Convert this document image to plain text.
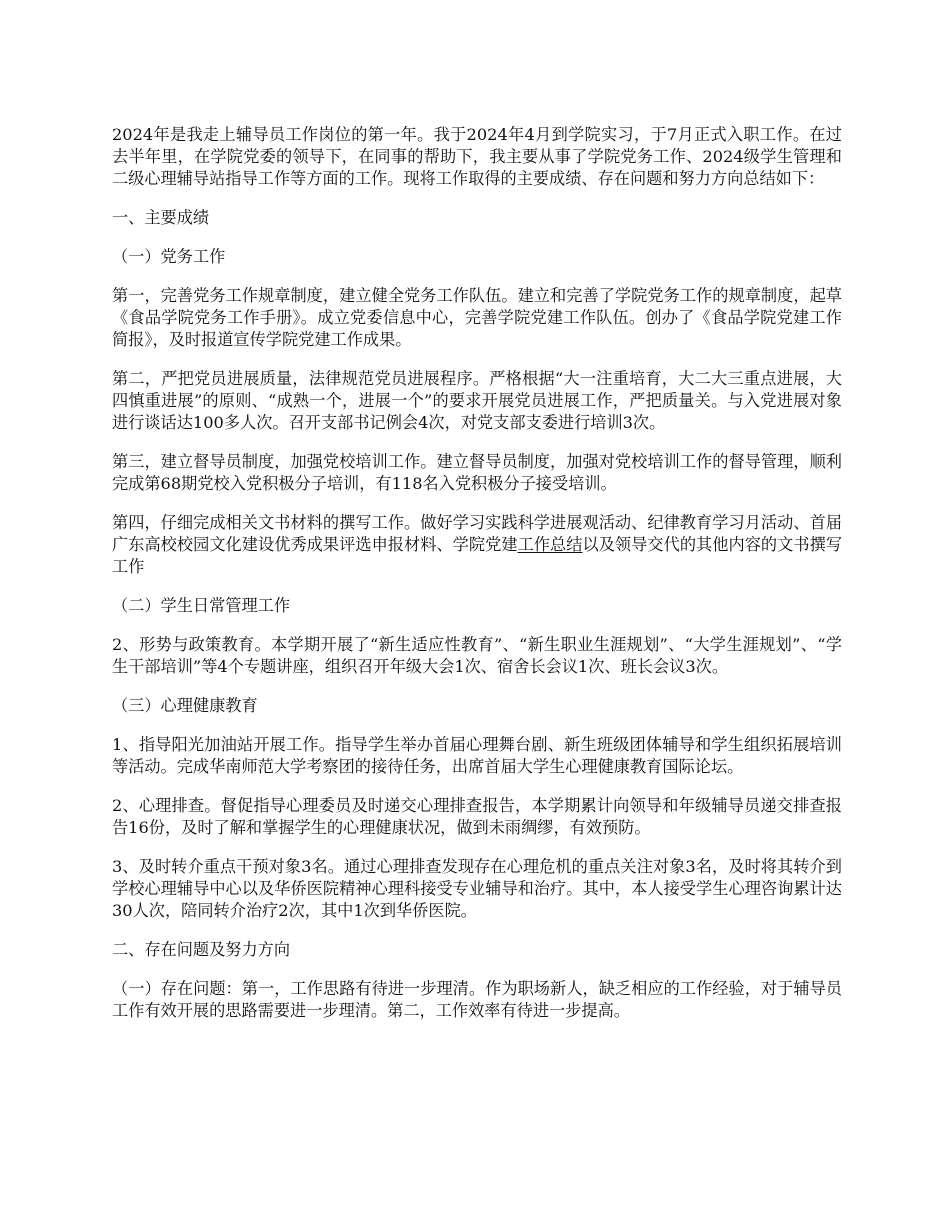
2024年是我走上辅导员工作岗位的第一年。我于2024年4月到学院实习，于7月正式入职工作。在过去半年里，在学院党委的领导下，在同事的帮助下，我主要从事了学院党务工作、2024级学生管理和二级心理辅导站指导工作等方面的工作。现将工作取得的主要成绩、存在问题和努力方向总结如下：

一、主要成绩

（一）党务工作

第一，完善党务工作规章制度，建立健全党务工作队伍。建立和完善了学院党务工作的规章制度，起草《食品学院党务工作手册》。成立党委信息中心，完善学院党建工作队伍。创办了《食品学院党建工作简报》，及时报道宣传学院党建工作成果。

第二，严把党员进展质量，法律规范党员进展程序。严格根据“大一注重培育，大二大三重点进展，大四慎重进展”的原则、“成熟一个，进展一个”的要求开展党员进展工作，严把质量关。与入党进展对象进行谈话达100多人次。召开支部书记例会4次，对党支部支委进行培训3次。

第三，建立督导员制度，加强党校培训工作。建立督导员制度，加强对党校培训工作的督导管理，顺利完成第68期党校入党积极分子培训，有118名入党积极分子接受培训。

第四，仔细完成相关文书材料的撰写工作。做好学习实践科学进展观活动、纪律教育学习月活动、首届广东高校校园文化建设优秀成果评选申报材料、学院党建工作总结以及领导交代的其他内容的文书撰写工作

（二）学生日常管理工作

2、形势与政策教育。本学期开展了“新生适应性教育”、“新生职业生涯规划”、“大学生涯规划”、“学生干部培训”等4个专题讲座，组织召开年级大会1次、宿舍长会议1次、班长会议3次。

（三）心理健康教育

1、指导阳光加油站开展工作。指导学生举办首届心理舞台剧、新生班级团体辅导和学生组织拓展培训等活动。完成华南师范大学考察团的接待任务，出席首届大学生心理健康教育国际论坛。

2、心理排查。督促指导心理委员及时递交心理排查报告，本学期累计向领导和年级辅导员递交排查报告16份，及时了解和掌握学生的心理健康状况，做到未雨绸缪，有效预防。

3、及时转介重点干预对象3名。通过心理排查发现存在心理危机的重点关注对象3名，及时将其转介到学校心理辅导中心以及华侨医院精神心理科接受专业辅导和治疗。其中，本人接受学生心理咨询累计达30人次，陪同转介治疗2次，其中1次到华侨医院。

二、存在问题及努力方向

（一）存在问题：第一，工作思路有待进一步理清。作为职场新人，缺乏相应的工作经验，对于辅导员工作有效开展的思路需要进一步理清。第二，工作效率有待进一步提高。
